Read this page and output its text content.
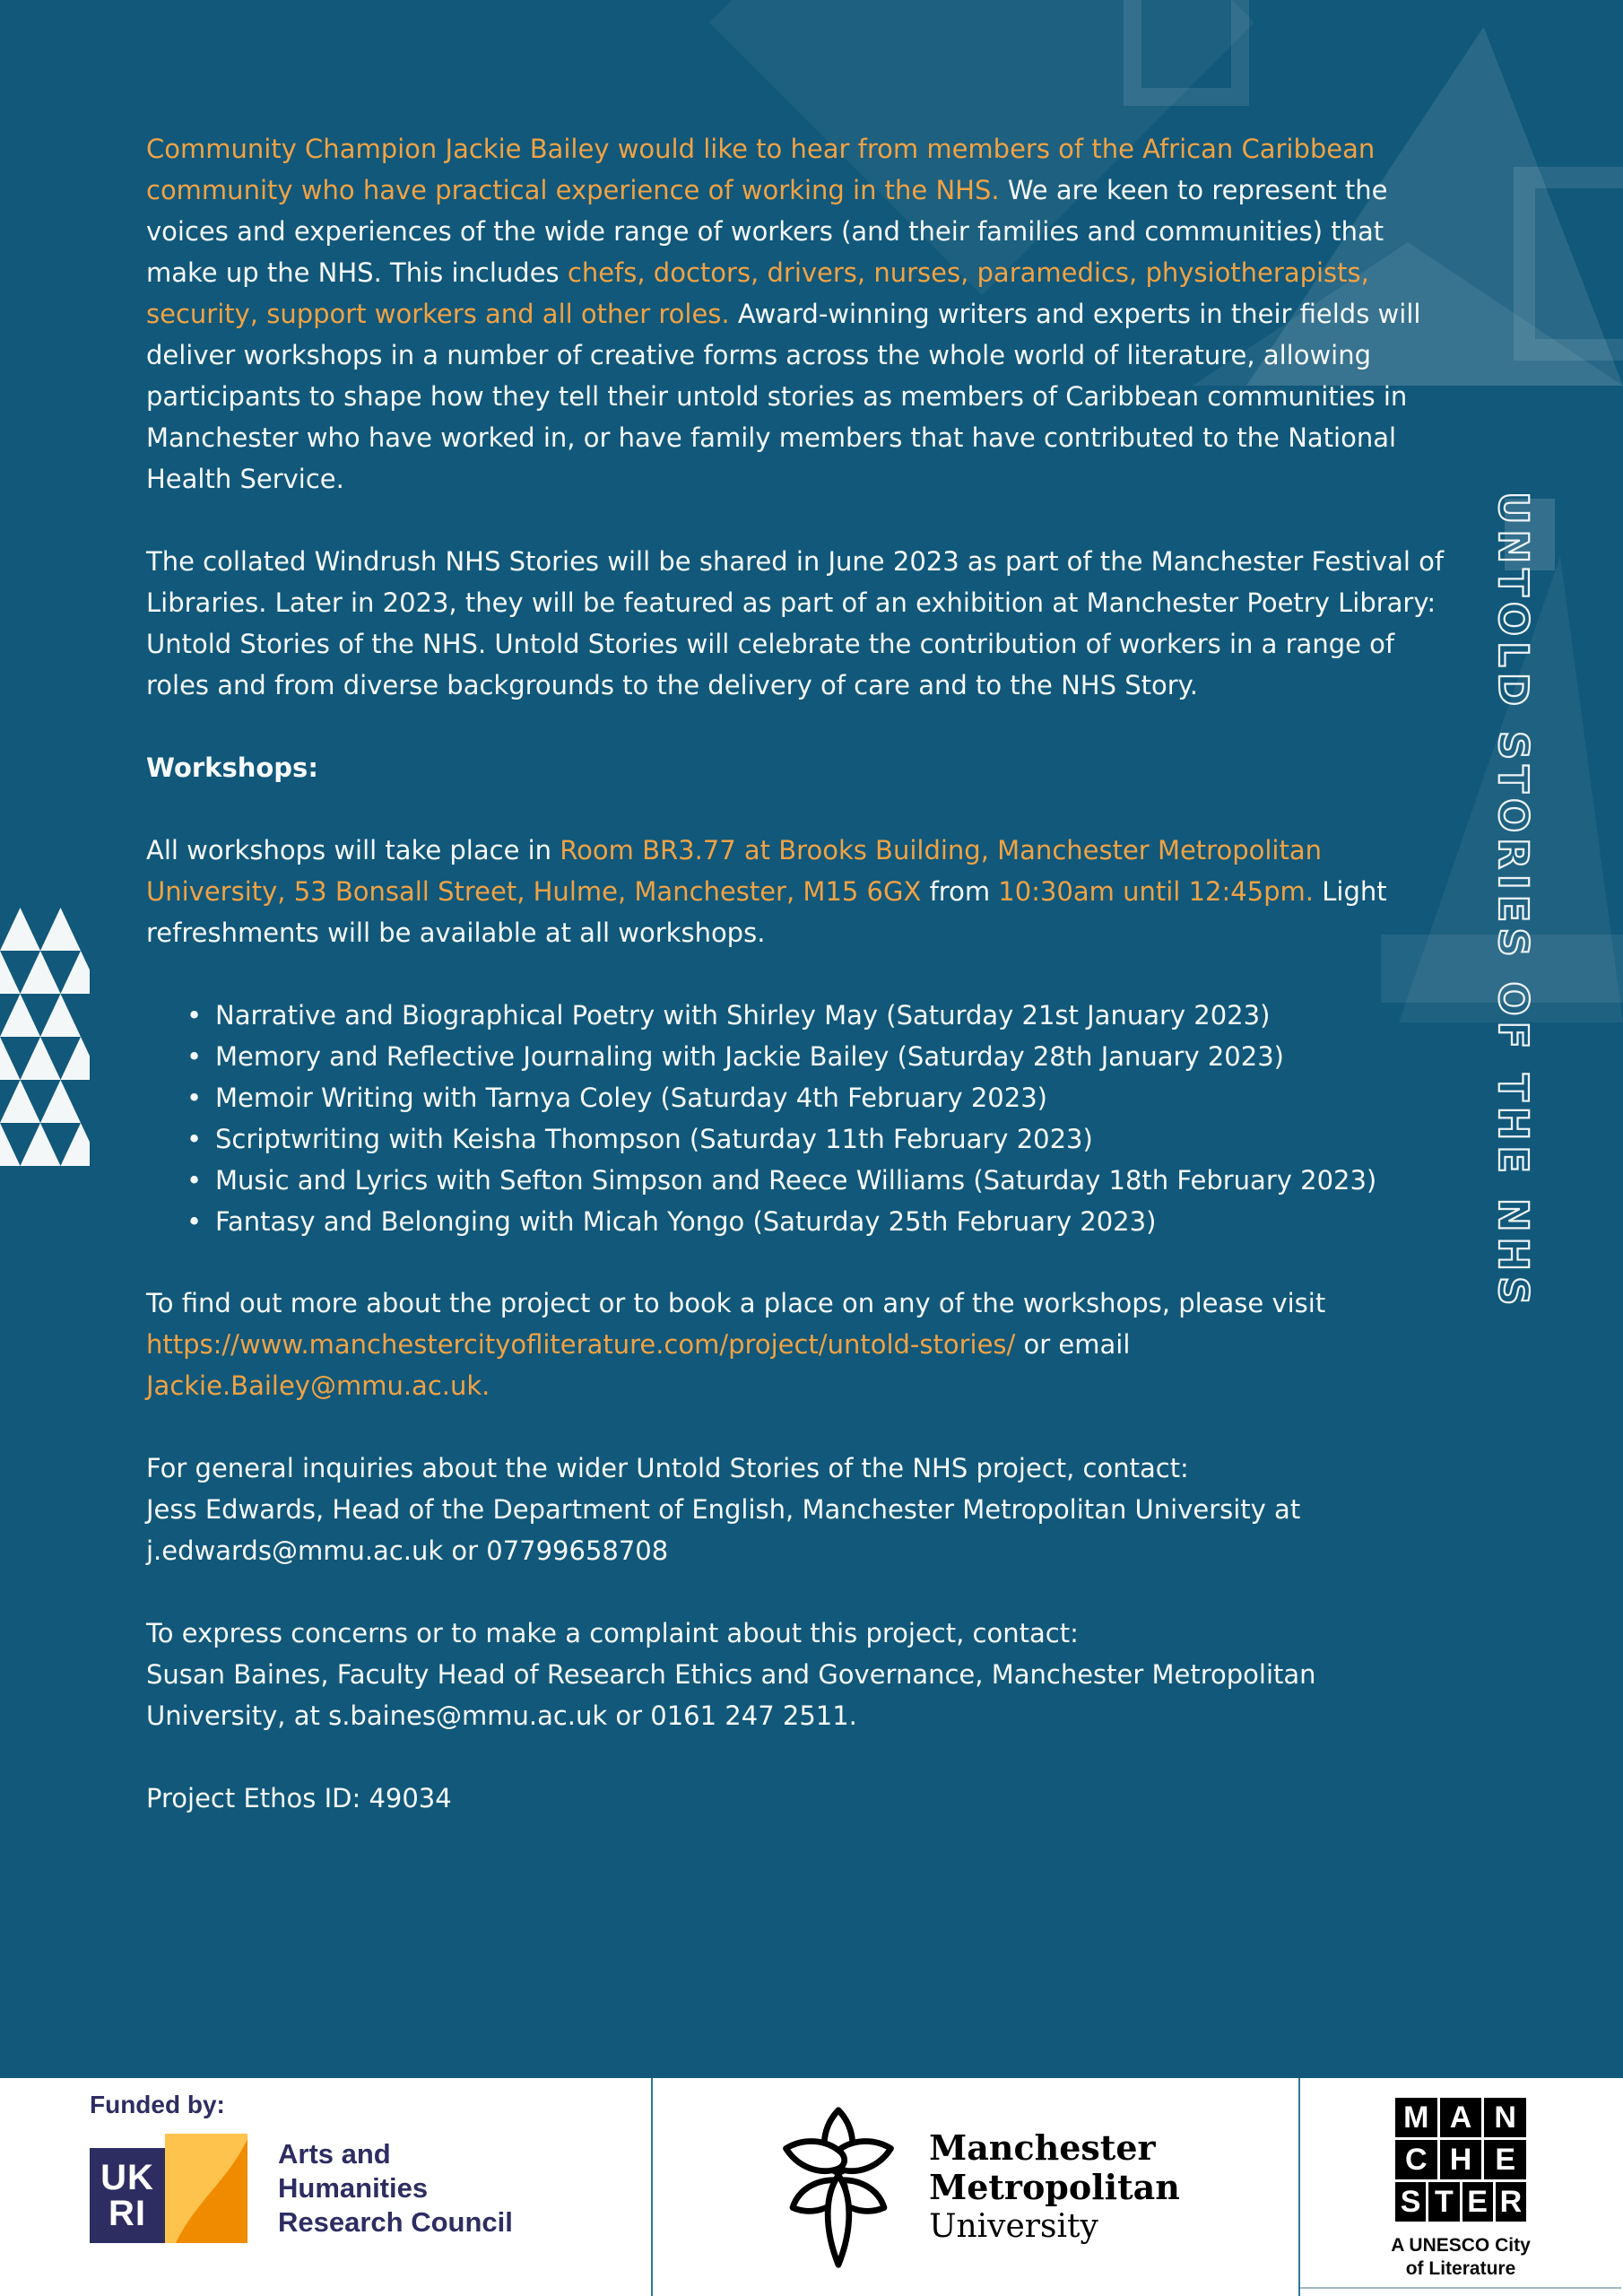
UNTOLD STORIES OF THE NHS

Community Champion Jackie Bailey would like to hear from members of the African Caribbean community who have practical experience of working in the NHS. We are keen to represent the voices and experiences of the wide range of workers (and their families and communities) that make up the NHS. This includes chefs, doctors, drivers, nurses, paramedics, physiotherapists, security, support workers and all other roles. Award-winning writers and experts in their fields will deliver workshops in a number of creative forms across the whole world of literature, allowing participants to shape how they tell their untold stories as members of Caribbean communities in Manchester who have worked in, or have family members that have contributed to the National Health Service.

The collated Windrush NHS Stories will be shared in June 2023 as part of the Manchester Festival of Libraries. Later in 2023, they will be featured as part of an exhibition at Manchester Poetry Library: Untold Stories of the NHS. Untold Stories will celebrate the contribution of workers in a range of roles and from diverse backgrounds to the delivery of care and to the NHS Story.

Workshops:

All workshops will take place in Room BR3.77 at Brooks Building, Manchester Metropolitan University, 53 Bonsall Street, Hulme, Manchester, M15 6GX from 10:30am until 12:45pm. Light refreshments will be available at all workshops.

• Narrative and Biographical Poetry with Shirley May (Saturday 21st January 2023)
• Memory and Reflective Journaling with Jackie Bailey (Saturday 28th January 2023)
• Memoir Writing with Tarnya Coley (Saturday 4th February 2023)
• Scriptwriting with Keisha Thompson (Saturday 11th February 2023)
• Music and Lyrics with Sefton Simpson and Reece Williams (Saturday 18th February 2023)
• Fantasy and Belonging with Micah Yongo (Saturday 25th February 2023)

To find out more about the project or to book a place on any of the workshops, please visit https://www.manchestercityofliterature.com/project/untold-stories/ or email Jackie.Bailey@mmu.ac.uk.

For general inquiries about the wider Untold Stories of the NHS project, contact:
Jess Edwards, Head of the Department of English, Manchester Metropolitan University at j.edwards@mmu.ac.uk or 07799658708

To express concerns or to make a complaint about this project, contact:
Susan Baines, Faculty Head of Research Ethics and Governance, Manchester Metropolitan University, at s.baines@mmu.ac.uk or 0161 247 2511.

Project Ethos ID: 49034

Funded by:
UK
RI
Arts and
Humanities
Research Council
Manchester
Metropolitan
University
M A N
C H E
S T E R
A UNESCO City
of Literature
